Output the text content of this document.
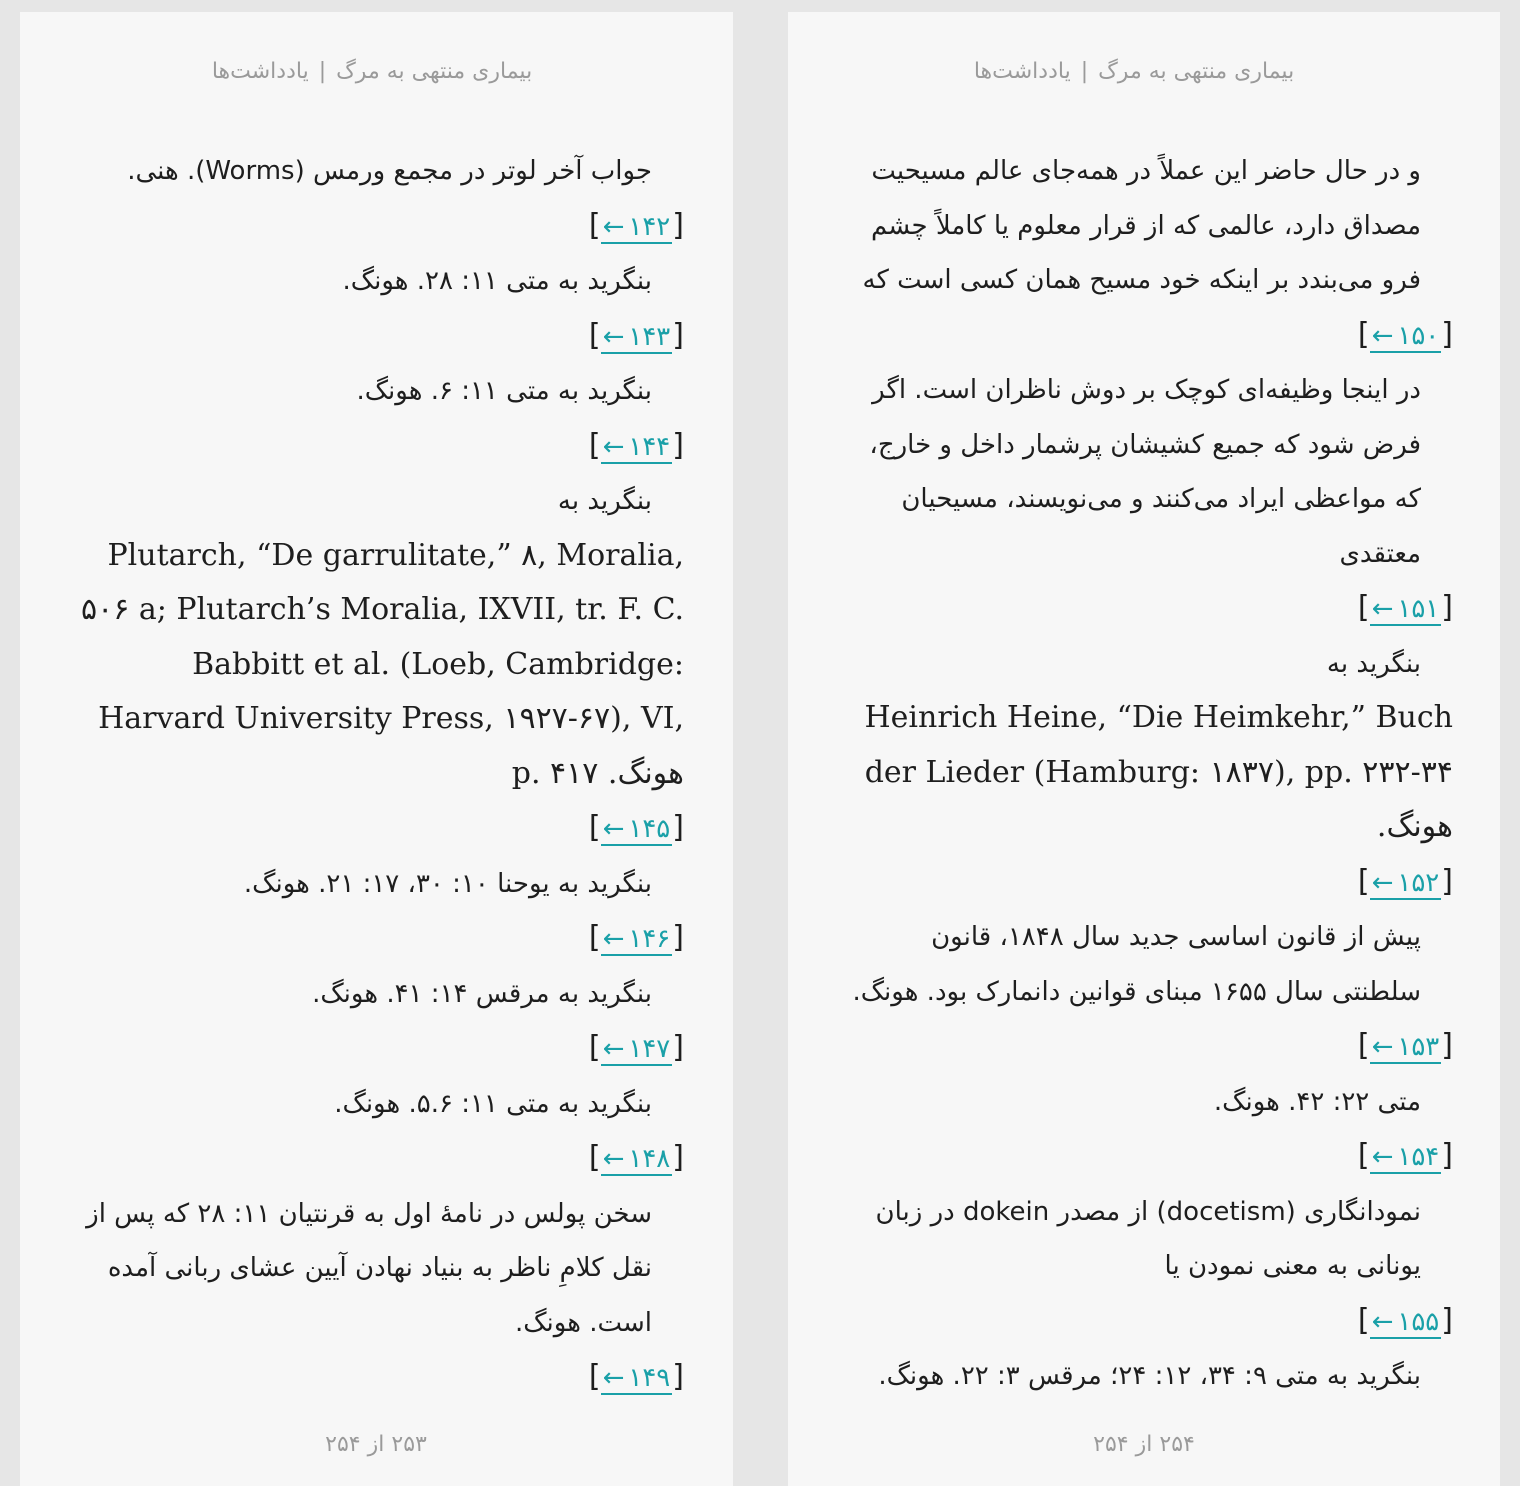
بیماری منتهی به مرگ
|
یادداشت‌ها

جواب آخر لوتر در مجمع ورمس (Worms). هنی.

[۱۴۲←]

بنگرید به متی ۱۱: ۲۸. هونگ.

[۱۴۳←]

بنگرید به متی ۱۱: ۶. هونگ.

[۱۴۴←]

بنگرید به

Plutarch, “De garrulitate,” ۸, Moralia, ۵۰۶ a; Plutarch’s Moralia, IXVII, tr. F. C. Babbitt et al. (Loeb, Cambridge: Harvard University Press, ۱۹۲۷-۶۷), VI, p. ۴۱۷ .هونگ

[۱۴۵←]

بنگرید به یوحنا ۱۰: ۳۰، ۱۷: ۲۱. هونگ.

[۱۴۶←]

بنگرید به مرقس ۱۴: ۴۱. هونگ.

[۱۴۷←]

بنگرید به متی ۱۱: ۵.۶. هونگ.

[۱۴۸←]

سخن پولس در نامۀ اول به قرنتیان ۱۱: ۲۸ که پس از نقل کلامِ ناظر به بنیاد نهادن آیین عشای ربانی آمده است. هونگ.

[۱۴۹←]
۲۵۳ از ۲۵۴
بیماری منتهی به مرگ
|
یادداشت‌ها

و در حال حاضر این عملاً در همه‌جای عالم مسیحیت مصداق دارد، عالمی که از قرار معلوم یا کاملاً چشم فرو می‌بندد بر اینکه خود مسیح همان کسی است که

[۱۵۰←]

در اینجا وظیفه‌ای کوچک بر دوش ناظران است. اگر فرض شود که جمیع کشیشان پرشمار داخل و خارج، که مواعظی ایراد می‌کنند و می‌نویسند، مسیحیان معتقدی

[۱۵۱←]

بنگرید به

Heinrich Heine, “Die Heimkehr,” Buch der Lieder (Hamburg: ۱۸۳۷), pp. ۲۳۲-۳۴ .هونگ

[۱۵۲←]

پیش از قانون اساسی جدید سال ۱۸۴۸، قانون سلطنتی سال ۱۶۵۵ مبنای قوانین دانمارک بود. هونگ.

[۱۵۳←]

متی ۲۲: ۴۲. هونگ.

[۱۵۴←]

نمودانگاری (docetism) از مصدر dokein در زبان یونانی به معنی نمودن یا

[۱۵۵←]

بنگرید به متی ۹: ۳۴، ۱۲: ۲۴؛ مرقس ۳: ۲۲. هونگ.

۲۵۴ از ۲۵۴
